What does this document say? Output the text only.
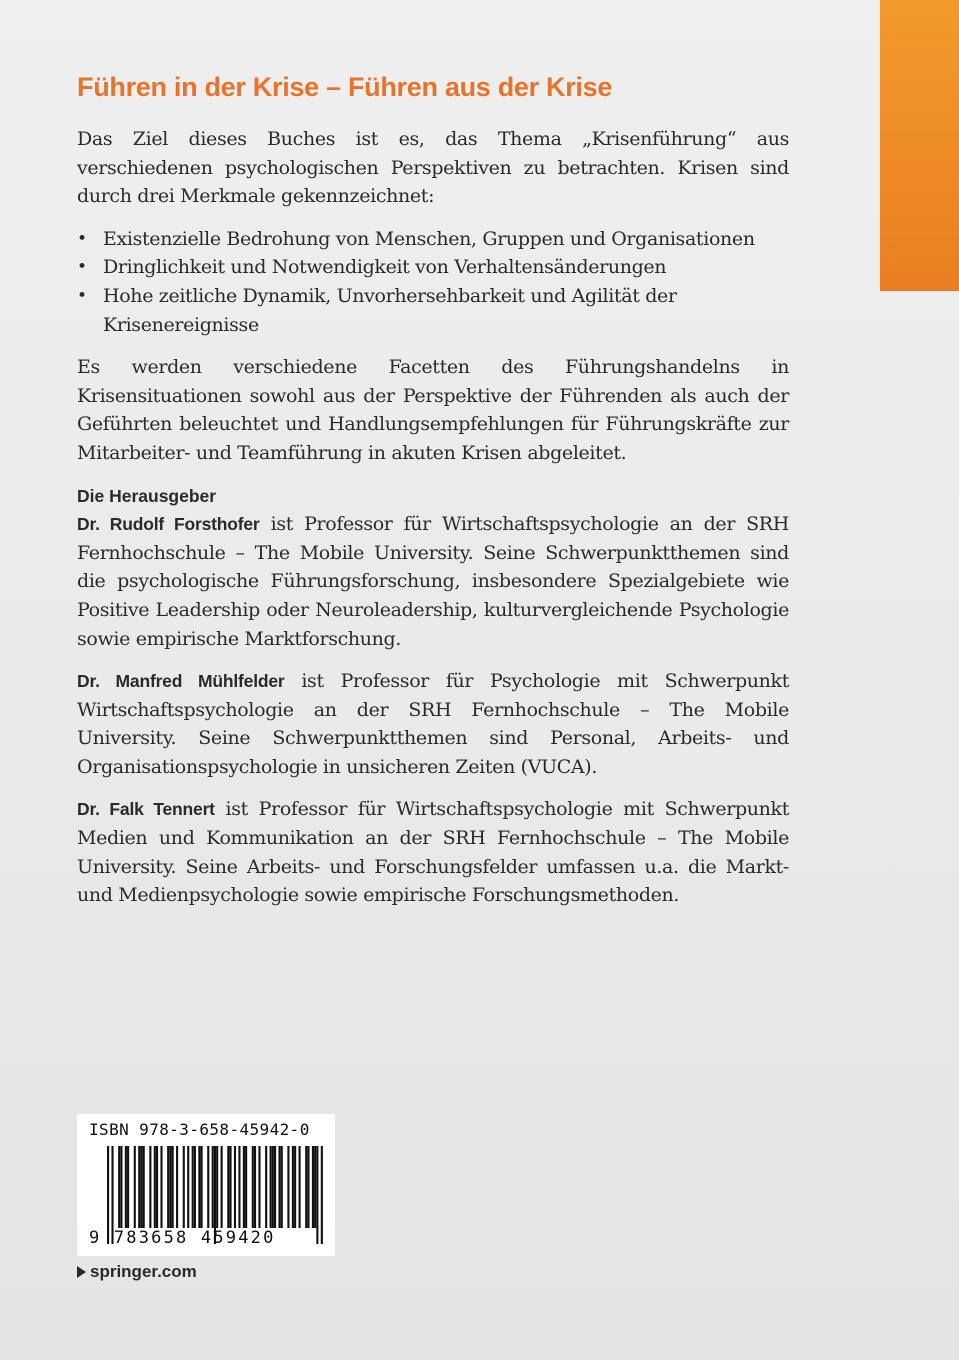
Führen in der Krise – Führen aus der Krise

Das Ziel dieses Buches ist es, das Thema „Krisenführung“ aus verschiedenen psychologischen Perspektiven zu betrachten. Krisen sind durch drei Merkmale gekennzeichnet:

• Existenzielle Bedrohung von Menschen, Gruppen und Organisationen
• Dringlichkeit und Notwendigkeit von Verhaltensänderungen
• Hohe zeitliche Dynamik, Unvorhersehbarkeit und Agilität der Krisenereignisse

Es werden verschiedene Facetten des Führungshandelns in Krisensituationen sowohl aus der Perspektive der Führenden als auch der Geführten beleuchtet und Handlungsempfehlungen für Führungskräfte zur Mitarbeiter- und Teamführung in akuten Krisen abgeleitet.

Die Herausgeber

Dr. Rudolf Forsthofer ist Professor für Wirtschaftspsychologie an der SRH Fernhochschule – The Mobile University. Seine Schwerpunktthemen sind die psychologische Führungsforschung, insbesondere Spezialgebiete wie Positive Leadership oder Neuroleadership, kulturvergleichende Psychologie sowie empirische Marktforschung.

Dr. Manfred Mühlfelder ist Professor für Psychologie mit Schwerpunkt Wirtschaftspsychologie an der SRH Fernhochschule – The Mobile University. Seine Schwerpunktthemen sind Personal, Arbeits- und Organisationspsychologie in unsicheren Zeiten (VUCA).

Dr. Falk Tennert ist Professor für Wirtschaftspsychologie mit Schwerpunkt Medien und Kommunikation an der SRH Fernhochschule – The Mobile University. Seine Arbeits- und Forschungsfelder umfassen u.a. die Markt- und Medienpsychologie sowie empirische Forschungsmethoden.

ISBN 978-3-658-45942-0
9 783658 459420
springer.com
